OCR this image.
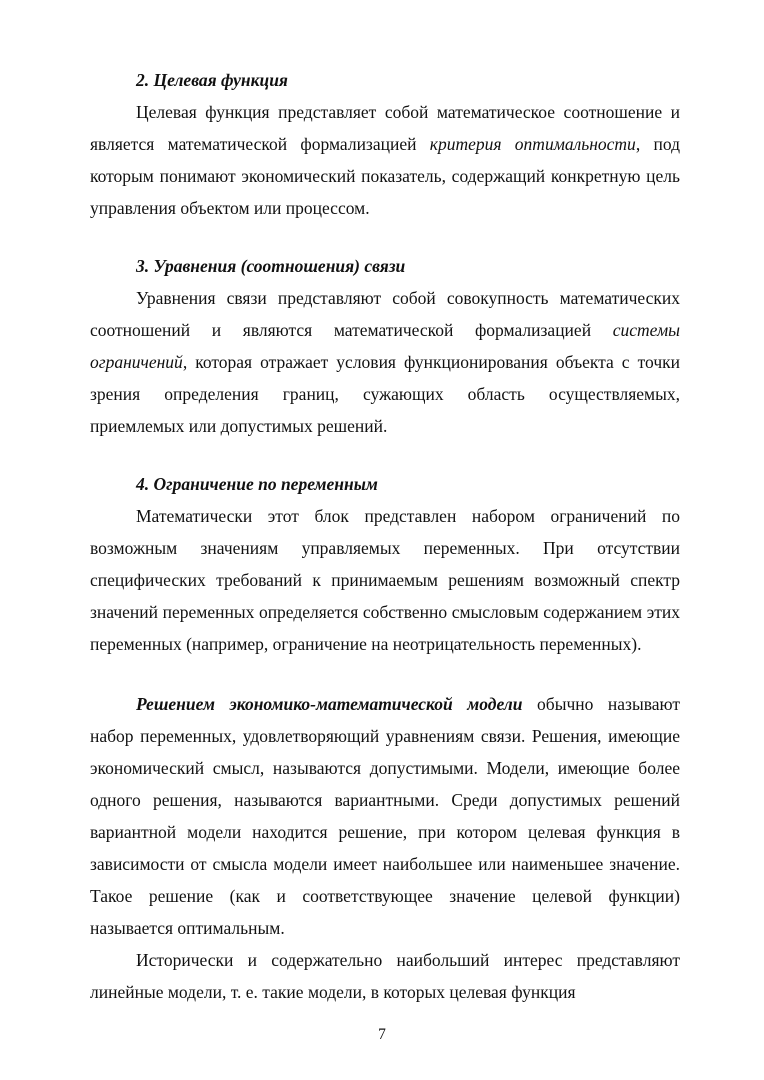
2. Целевая функция

Целевая функция представляет собой математическое соотношение и является математической формализацией критерия оптимальности, под которым понимают экономический показатель, содержащий конкретную цель управления объектом или процессом.

3. Уравнения (соотношения) связи

Уравнения связи представляют собой совокупность математических соотношений и являются математической формализацией системы ограничений, которая отражает условия функционирования объекта с точки зрения определения границ, сужающих область осуществляемых, приемлемых или допустимых решений.

4. Ограничение по переменным

Математически этот блок представлен набором ограничений по возможным значениям управляемых переменных. При отсутствии специфических требований к принимаемым решениям возможный спектр значений переменных определяется собственно смысловым содержанием этих переменных (например, ограничение на неотрицательность переменных).

Решением экономико-математической модели обычно называют набор переменных, удовлетворяющий уравнениям связи. Решения, имеющие экономический смысл, называются допустимыми. Модели, имеющие более одного решения, называются вариантными. Среди допустимых решений вариантной модели находится решение, при котором целевая функция в зависимости от смысла модели имеет наибольшее или наименьшее значение. Такое решение (как и соответствующее значение целевой функции) называется оптимальным.

Исторически и содержательно наибольший интерес представляют линейные модели, т. е. такие модели, в которых целевая функция

7
